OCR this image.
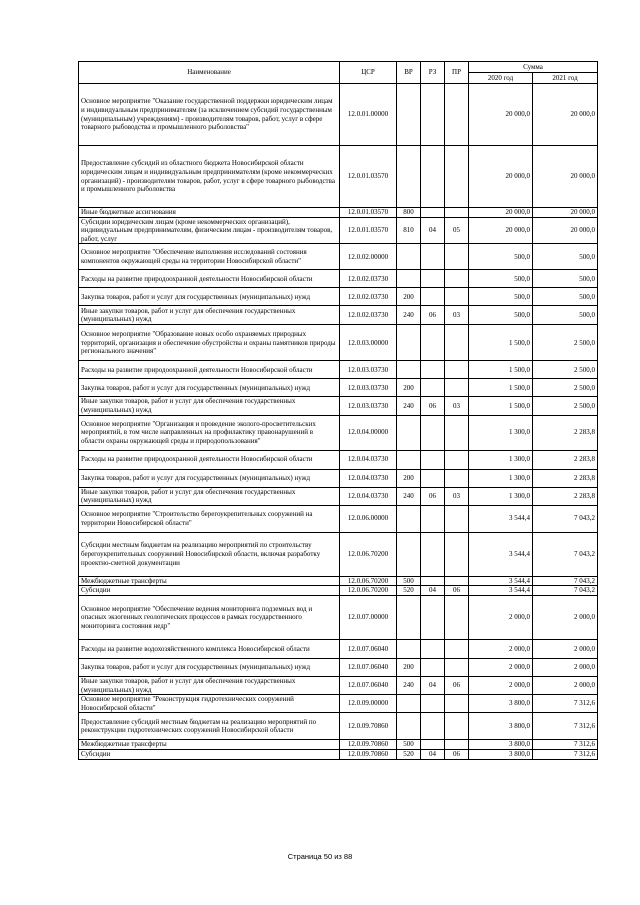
Наименование	ЦСР	ВР	РЗ	ПР	Сумма	
					2020 год	2021 год
Основное мероприятие "Оказание государственной поддержки юридическим лицам и индивидуальным предпринимателям (за исключением субсидий государственным (муниципальным) учреждениям) - производителям товаров, работ, услуг в сфере товарного рыбоводства и промышленного рыболовства"	12.0.01.00000				20 000,0	20 000,0
Предоставление субсидий из областного бюджета Новосибирской области юридическим лицам и индивидуальным предпринимателям (кроме некоммерческих организаций) - производителям товаров, работ, услуг в сфере товарного рыбоводства и промышленного рыболовства	12.0.01.03570				20 000,0	20 000,0
Иные бюджетные ассигнования	12.0.01.03570	800			20 000,0	20 000,0
Субсидии юридическим лицам (кроме некоммерческих организаций), индивидуальным предпринимателям, физическим лицам - производителям товаров, работ, услуг	12.0.01.03570	810	04	05	20 000,0	20 000,0
Основное мероприятие "Обеспечение выполнения исследований состояния компонентов окружающей среды на территории Новосибирской области"	12.0.02.00000				500,0	500,0
Расходы на развитие природоохранной деятельности Новосибирской области	12.0.02.03730				500,0	500,0
Закупка товаров, работ и услуг для государственных (муниципальных) нужд	12.0.02.03730	200			500,0	500,0
Иные закупки товаров, работ и услуг для обеспечения государственных (муниципальных) нужд	12.0.02.03730	240	06	03	500,0	500,0
Основное мероприятие "Образование новых особо охраняемых природных территорий, организация и обеспечение обустройства и охраны памятников природы регионального значения"	12.0.03.00000				1 500,0	2 500,0
Расходы на развитие природоохранной деятельности Новосибирской области	12.0.03.03730				1 500,0	2 500,0
Закупка товаров, работ и услуг для государственных (муниципальных) нужд	12.0.03.03730	200			1 500,0	2 500,0
Иные закупки товаров, работ и услуг для обеспечения государственных (муниципальных) нужд	12.0.03.03730	240	06	03	1 500,0	2 500,0
Основное мероприятие "Организация и проведение эколого-просветительских мероприятий, в том числе направленных на профилактику правонарушений в области охраны окружающей среды и природопользования"	12.0.04.00000				1 300,0	2 283,8
Расходы на развитие природоохранной деятельности Новосибирской области	12.0.04.03730				1 300,0	2 283,8
Закупка товаров, работ и услуг для государственных (муниципальных) нужд	12.0.04.03730	200			1 300,0	2 283,8
Иные закупки товаров, работ и услуг для обеспечения государственных (муниципальных) нужд	12.0.04.03730	240	06	03	1 300,0	2 283,8
Основное мероприятие "Строительство берегоукрепительных сооружений на территории Новосибирской области"	12.0.06.00000				3 544,4	7 043,2
Субсидии местным бюджетам на реализацию мероприятий по строительству берегоукрепительных сооружений Новосибирской области, включая разработку проектно-сметной документации	12.0.06.70200				3 544,4	7 043,2
Межбюджетные трансферты	12.0.06.70200	500			3 544,4	7 043,2
Субсидии	12.0.06.70200	520	04	06	3 544,4	7 043,2
Основное мероприятие "Обеспечение ведения мониторинга подземных вод и опасных экзогенных геологических процессов в рамках государственного мониторинга состояния недр"	12.0.07.00000				2 000,0	2 000,0
Расходы на развитие водохозяйственного комплекса Новосибирской области	12.0.07.06040				2 000,0	2 000,0
Закупка товаров, работ и услуг для государственных (муниципальных) нужд	12.0.07.06040	200			2 000,0	2 000,0
Иные закупки товаров, работ и услуг для обеспечения государственных (муниципальных) нужд	12.0.07.06040	240	04	06	2 000,0	2 000,0
Основное мероприятие "Реконструкция гидротехнических сооружений Новосибирской области"	12.0.09.00000				3 800,0	7 312,6
Предоставление субсидий местным бюджетам на реализацию мероприятий по реконструкции гидротехнических сооружений Новосибирской области	12.0.09.70860				3 800,0	7 312,6
Межбюджетные трансферты	12.0.09.70860	500			3 800,0	7 312,6
Субсидии	12.0.09.70860	520	04	06	3 800,0	7 312,6
Страница 50 из 88
